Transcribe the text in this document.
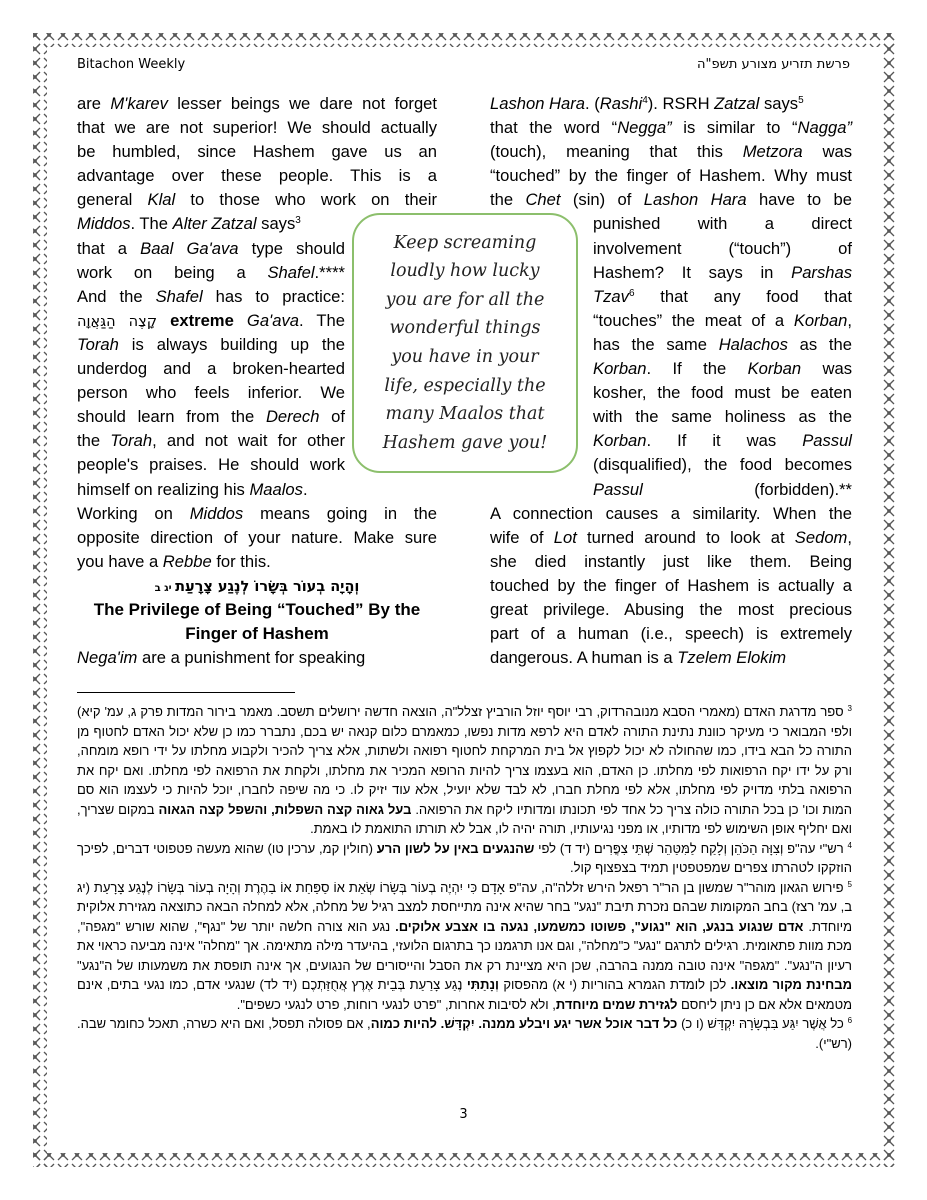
Bitachon Weekly	פרשת תזריע מצורע תשפ"ה
are M'karev lesser beings we dare not forget
that we are not superior! We should actually
be humbled, since Hashem gave us an
advantage over these people. This is a
general Klal to those who work on their
Middos. The Alter Zatzal says$^3$
that a Baal Ga'ava type should
work on being a Shafel.****
And the Shafel has to practice:
קָצֶה הַגַּאֲוָה extreme Ga'ava. The
Torah is always building up the
underdog and a broken-hearted
person who feels inferior. We
should learn from the Derech of
the Torah, and not wait for other
people's praises. He should work
himself on realizing his Maalos.
Working on Middos means going in the
opposite direction of your nature. Make sure
you have a Rebbe for this.
וְהָיָה בְעוֹר בְּשָׂרוֹ לְנֶגַע צָרָעַת יג ב
The Privilege of Being “Touched” By the
Finger of Hashem
Nega'im are a punishment for speaking
Lashon Hara. (Rashi$^4$). RSRH Zatzal says$^5$
that the word “Negga” is similar to “Nagga”
(touch), meaning that this Metzora was
“touched” by the finger of Hashem. Why must
the Chet (sin) of Lashon Hara have to be
punished with a direct
involvement (“touch”) of
Hashem? It says in Parshas
Tzav$^6$ that any food that
“touches” the meat of a Korban,
has the same Halachos as the
Korban. If the Korban was
kosher, the food must be eaten
with the same holiness as the
Korban. If it was Passul
(disqualified), the food becomes
Passul (forbidden).**
A connection causes a similarity. When the
wife of Lot turned around to look at Sedom,
she died instantly just like them. Being
touched by the finger of Hashem is actually a
great privilege. Abusing the most precious
part of a human (i.e., speech) is extremely
dangerous. A human is a Tzelem Elokim
Keep screaming
loudly how lucky
you are for all the
wonderful things
you have in your
life, especially the
many Maalos that
Hashem gave you!

$^3$ ספר מדרגת האדם (מאמרי הסבא מנובהרדוק, רבי יוסף יוזל הורביץ זצלל"ה, הוצאה חדשה ירושלים תשסב. מאמר בירור המדות פרק ג, עמ' קיא) ולפי המבואר כי מעיקר כוונת נתינת התורה לאדם היא לרפא מדות נפשו, כמאמרם כלום קנאה יש בכם, נתברר כמו כן שלא יכול האדם לחטוף מן התורה כל הבא בידו, כמו שהחולה לא יכול לקפוץ אל בית המרקחת לחטוף רפואה ולשתות, אלא צריך להכיר ולקבוע מחלתו על ידי רופא מומחה, ורק על ידו יקח הרפואות לפי מחלתו. כן האדם, הוא בעצמו צריך להיות הרופא המכיר את מחלתו, ולקחת את הרפואה לפי מחלתו. ואם יקח את הרפואה בלתי מדויק לפי מחלתו, אלא לפי מחלת חברו, לא לבד שלא יועיל, אלא עוד יזיק לו. כי מה שיפה לחברו, יוכל להיות כי לעצמו הוא סם המות וכו' כן בכל התורה כולה צריך כל אחד לפי תכונתו ומדותיו ליקח את הרפואה. בעל גאוה קצה השפלות, והשפל קצה הגאוה במקום שצריך, ואם יחליף אופן השימוש לפי מדותיו, או מפני נגיעותיו, תורה יהיה לו, אבל לא תורתו התואמת לו באמת.

$^4$ רש"י עה"פ וְצִוָּה הַכֹּהֵן וְלָקַח לַמִּטַּהֵר שְׁתֵּי צִפֳּרִים (יד ד) לפי שהנגעים באין על לשון הרע (חולין קמ, ערכין טו) שהוא מעשה פטפוטי דברים, לפיכך הוזקקו לטהרתו צפרים שמפטפטין תמיד בצפצוף קול.

$^5$ פירוש הגאון מוהר"ר שמשון בן הר"ר רפאל הירש זללה"ה, עה"פ אָדָם כִּי יִהְיֶה בְעוֹר בְּשָׂרוֹ שְׂאֵת אוֹ סַפַּחַת אוֹ בַהֶרֶת וְהָיָה בְעוֹר בְּשָׂרוֹ לְנֶגַע צָרָעַת (יג ב, עמ' רצז) בחב המקומות שבהם נזכרת תיבת "נגע" בחר שהיא אינה מתייחסת למצב רגיל של מחלה, אלא למחלה הבאה כתוצאה מגזירת אלוקית מיוחדת. אדם שנגוע בנגע, הוא "נגוע", פשוטו כמשמעו, נגעה בו אצבע אלוקים. נגע הוא צורה חלשה יותר של "נגף", שהוא שורש "מגפה", מכת מוות פתאומית. רגילים לתרגם "נגע" כ"מחלה", וגם אנו תרגמנו כך בתרגום הלועזי, בהיעדר מילה מתאימה. אך "מחלה" אינה מביעה כראוי את רעיון ה"נגע". "מגפה" אינה טובה ממנה בהרבה, שכן היא מציינת רק את הסבל והייסורים של הנגועים, אך אינה תופסת את משמעותו של ה"נגע" מבחינת מקור מוצאו. לכן לומדת הגמרא בהוריות (י א) מהפסוק וְנָתַתִּי נֶגַע צָרַעַת בְּבֵית אֶרֶץ אֲחֻזַּתְכֶם (יד לד) שנגעי אדם, כמו נגעי בתים, אינם מטמאים אלא אם כן ניתן ליחסם לגזירת שמים מיוחדת, ולא לסיבות אחרות, "פרט לנגעי רוחות, פרט לנגעי כשפים".

$^6$ כל אֲשֶׁר יִגַּע בִּבְשָׂרָהּ יִקְדָּשׁ (ו כ) כל דבר אוכל אשר יגע ויבלע ממנה. יִקְדָּשׁ. להיות כמוה, אם פסולה תפסל, ואם היא כשרה, תאכל כחומר שבה. (רש"י).

3
